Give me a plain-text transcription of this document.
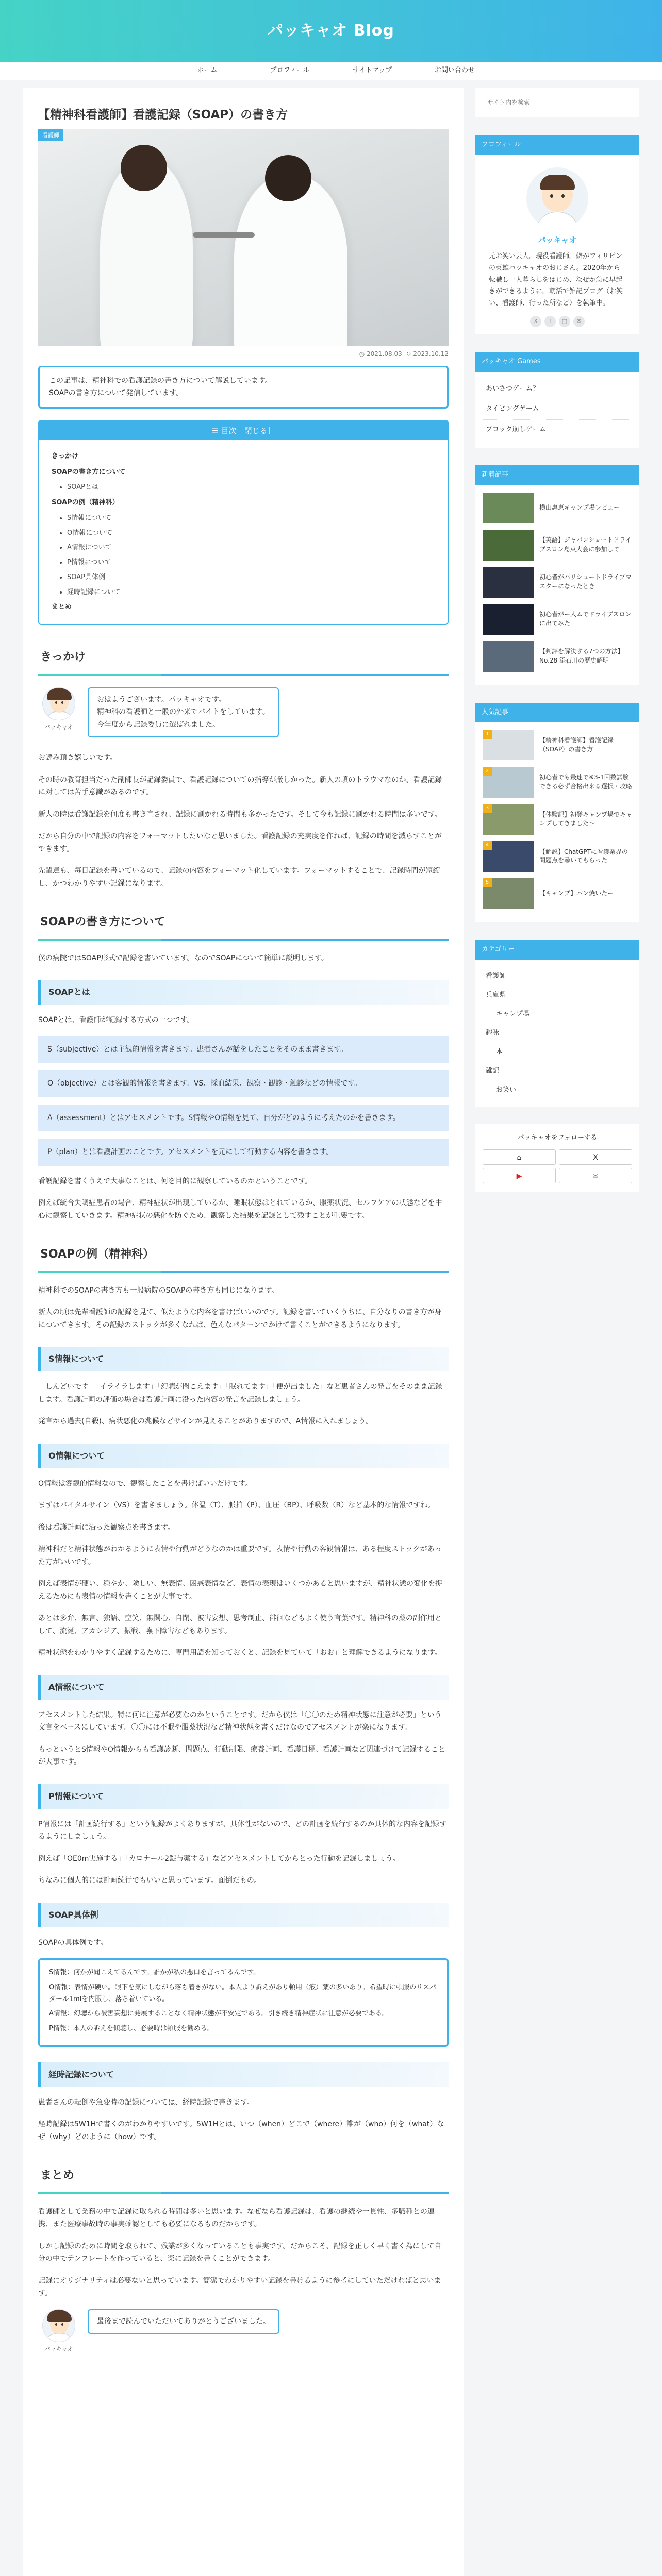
パッキャオ Blog
ホーム	プロフィール	サイトマップ	お問い合わせ
【精神科看護師】看護記録（SOAP）の書き方
看護師
◷ 2021.08.03 ↻ 2023.10.12

この記事は、精神科での看護記録の書き方について解説しています。

SOAPの書き方について発信しています。

☰ 目次［閉じる］
きっかけ
SOAPの書き方について
• SOAPとは
SOAPの例（精神科）
• S情報について
• O情報について
• A情報について
• P情報について
• SOAP具体例
• 経時記録について
まとめ
きっかけ
パッキャオ

おはようございます。パッキャオです。

精神科の看護師と一般の外来でバイトをしています。

今年度から記録委員に選ばれました。

お読み頂き嬉しいです。

その時の教育担当だった副師長が記録委員で、看護記録についての指導が厳しかった。新人の頃のトラウマなのか、看護記録に対しては苦手意識があるのです。

新人の時は看護記録を何度も書き直され、記録に割かれる時間も多かったです。そして今も記録に割かれる時間は多いです。

だから自分の中で記録の内容をフォーマットしたいなと思いました。看護記録の充実度を作れば、記録の時間を減らすことができます。

先輩達も、毎日記録を書いているので、記録の内容をフォーマット化しています。フォーマットすることで、記録時間が短縮し、かつわかりやすい記録になります。

SOAPの書き方について

僕の病院ではSOAP形式で記録を書いています。なのでSOAPについて簡単に説明します。

SOAPとは

SOAPとは、看護師が記録する方式の一つです。

S（subjective）とは主観的情報を書きます。患者さんが話をしたことをそのまま書きます。
O（objective）とは客観的情報を書きます。VS、採血結果、観察・観診・触診などの情報です。
A（assessment）とはアセスメントです。S情報やO情報を見て、自分がどのように考えたのかを書きます。
P（plan）とは看護計画のことです。アセスメントを元にして行動する内容を書きます。

看護記録を書くうえで大事なことは、何を目的に観察しているのかということです。

例えば統合失調症患者の場合、精神症状が出現しているか、睡眠状態はとれているか、服薬状況、セルフケアの状態などを中心に観察していきます。精神症状の悪化を防ぐため、観察した結果を記録として残すことが重要です。

SOAPの例（精神科）

精神科でのSOAPの書き方も一般病院のSOAPの書き方も同じになります。

新人の頃は先輩看護師の記録を見て、似たような内容を書けばいいのです。記録を書いていくうちに、自分なりの書き方が身についてきます。その記録のストックが多くなれば、色んなパターンでかけて書くことができるようになります。

S情報について

「しんどいです」「イライラします」「幻聴が聞こえます」「眠れてます」「便が出ました」など患者さんの発言をそのまま記録します。看護計画の評価の場合は看護計画に沿った内容の発言を記録しましょう。

発言から過去(自殺)、病状悪化の兆候などサインが見えることがありますので、A情報に入れましょう。

O情報について

O情報は客観的情報なので、観察したことを書けばいいだけです。

まずはバイタルサイン（VS）を書きましょう。体温（T）、脈拍（P）、血圧（BP）、呼吸数（R）など基本的な情報ですね。

後は看護計画に沿った観察点を書きます。

精神科だと精神状態がわかるように表情や行動がどうなのかは重要です。表情や行動の客観情報は、ある程度ストックがあった方がいいです。

例えば表情が硬い、穏やか、険しい、無表情、困惑表情など、表情の表現はいくつかあると思いますが、精神状態の変化を捉えるためにも表情の情報を書くことが大事です。

あとは多弁、無言、独語、空笑、無関心、自閉、被害妄想、思考制止、徘徊などもよく使う言葉です。精神科の薬の副作用として、流涎、アカシジア、振戦、嚥下障害などもあります。

精神状態をわかりやすく記録するために、専門用語を知っておくと、記録を見ていて「おお」と理解できるようになります。

A情報について

アセスメントした結果。特に何に注意が必要なのかということです。だから僕は「〇〇のため精神状態に注意が必要」という文言をベースにしています。〇〇には不眠や服薬状況など精神状態を書くだけなのでアセスメントが楽になります。

もっというとS情報やO情報からも看護診断、問題点、行動制限、療養計画、看護目標、看護計画など関連づけて記録することが大事です。

P情報について

P情報には「計画続行する」という記録がよくありますが、具体性がないので、どの計画を続行するのか具体的な内容を記録するようにしましょう。

例えば「OE0m実施する」「カロナール2錠与薬する」などアセスメントしてからとった行動を記録しましょう。

ちなみに個人的には計画続行でもいいと思っています。面倒だもの。

SOAP具体例

SOAPの具体例です。

S情報：何かが聞こえてるんです。誰かが私の悪口を言ってるんです。

O情報：表情が硬い。眼下を気にしながら落ち着きがない。本人より訴えがあり頓用（液）薬の多いあり。希望時に頓服のリスパダール1mlを内服し、落ち着いている。

A情報：幻聴から被害妄想に発展することなく精神状態が不安定である。引き続き精神症状に注意が必要である。

P情報：本人の訴えを傾聴し、必要時は頓服を勧める。

経時記録について

患者さんの転倒や急変時の記録については、経時記録で書きます。

経時記録は5W1Hで書くのがわかりやすいです。5W1Hとは、いつ（when）どこで（where）誰が（who）何を（what）なぜ（why）どのように（how）です。

まとめ

看護師として業務の中で記録に取られる時間は多いと思います。なぜなら看護記録は、看護の継続や一貫性、多職種との連携、また医療事故時の事実確認としても必要になるものだからです。

しかし記録のために時間を取られて、残業が多くなっていることも事実です。だからこそ、記録を正しく早く書く為にして自分の中でテンプレートを作っていると、楽に記録を書くことができます。

記録にオリジナリティは必要ないと思っています。簡潔でわかりやすい記録を書けるように参考にしていただければと思います。

パッキャオ
最後まで読んでいただいてありがとうございました。
サイト内を検索
プロフィール
パッキャオ
元お笑い芸人。現役看護師。僻がフィリピンの英雄パッキャオのおじさん。2020年から転職し一人暮らしをはじめ、なぜか急に早起きができるように。朝活で雑記ブログ（お笑い、看護師、行った所など）を執筆中。
X	f	□	✉
パッキャオ Games
あいさつゲーム？
タイピングゲーム
ブロック崩しゲーム
新着記事
横山惠恵キャンプ場レビュー
【英語】ジャパンショートドライブスロン島東大会に参加して
初心者がバリシュートドライブマスターになったとき
初心者がー人ムでドライブスロンに出てみた
【判評を解決する7つの方法】No.28 添石川の歴史解明
人気記事
1
【精神科看護師】看護記録（SOAP）の書き方
2
初心者でも最速で※3-1回数試験できる必ず合格出来る選択・攻略
3
【体験記】初登キャンプ場でキャンプしてきました〜
4
【解説】ChatGPTに看護業界の問題点を尋いてもらった
5
【キャンプ】パン焼いたー
カテゴリー
看護師
兵庫県
キャンプ場
趣味
本
雑記
お笑い
パッキャオをフォローする
⌂	X
▶	✉
